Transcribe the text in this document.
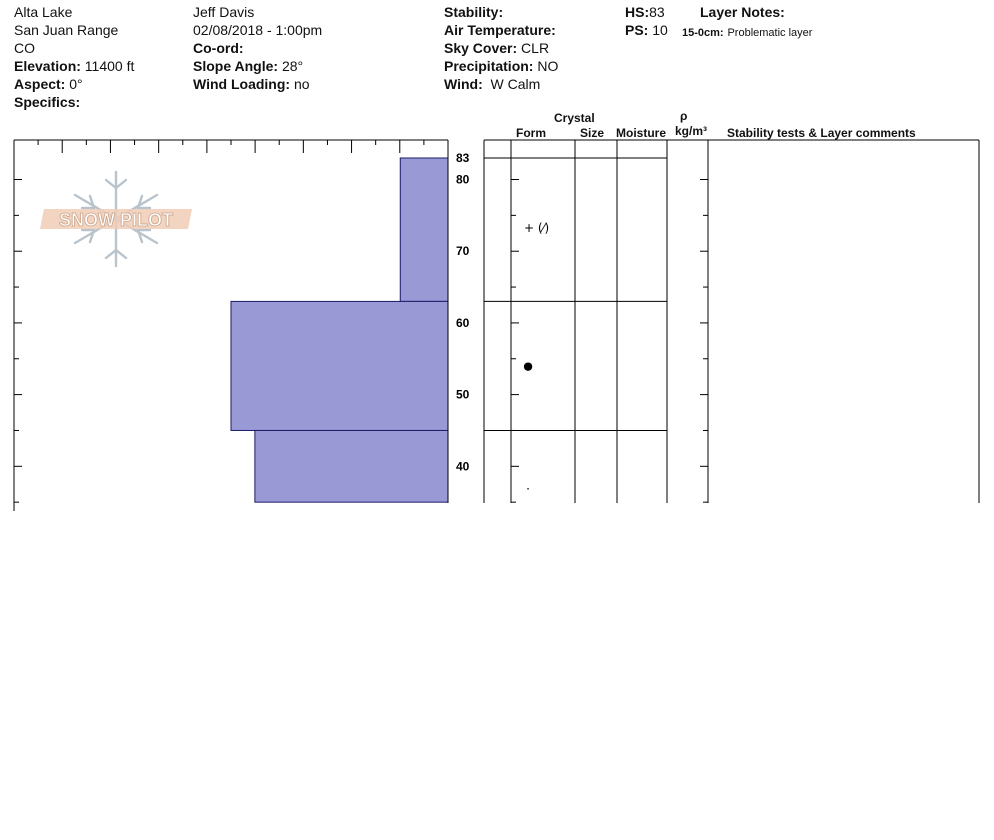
Alta Lake
San Juan Range
CO
Elevation: 11400 ft
Aspect: 0°
Specifics:
Jeff Davis
02/08/2018 - 1:00pm
Co-ord:
Slope Angle: 28°
Wind Loading: no
Stability:
Air Temperature:
Sky Cover: CLR
Precipitation: NO
Wind: W Calm
HS:83
PS: 10
Layer Notes:
15-0cm: Problematic layer
Crystal
Form	Size Moisture
ρ
kg/m³ Stability tests & Layer comments
SNOW PILOT
83
80
70
60
50
40
+ (⁄)
●
·
